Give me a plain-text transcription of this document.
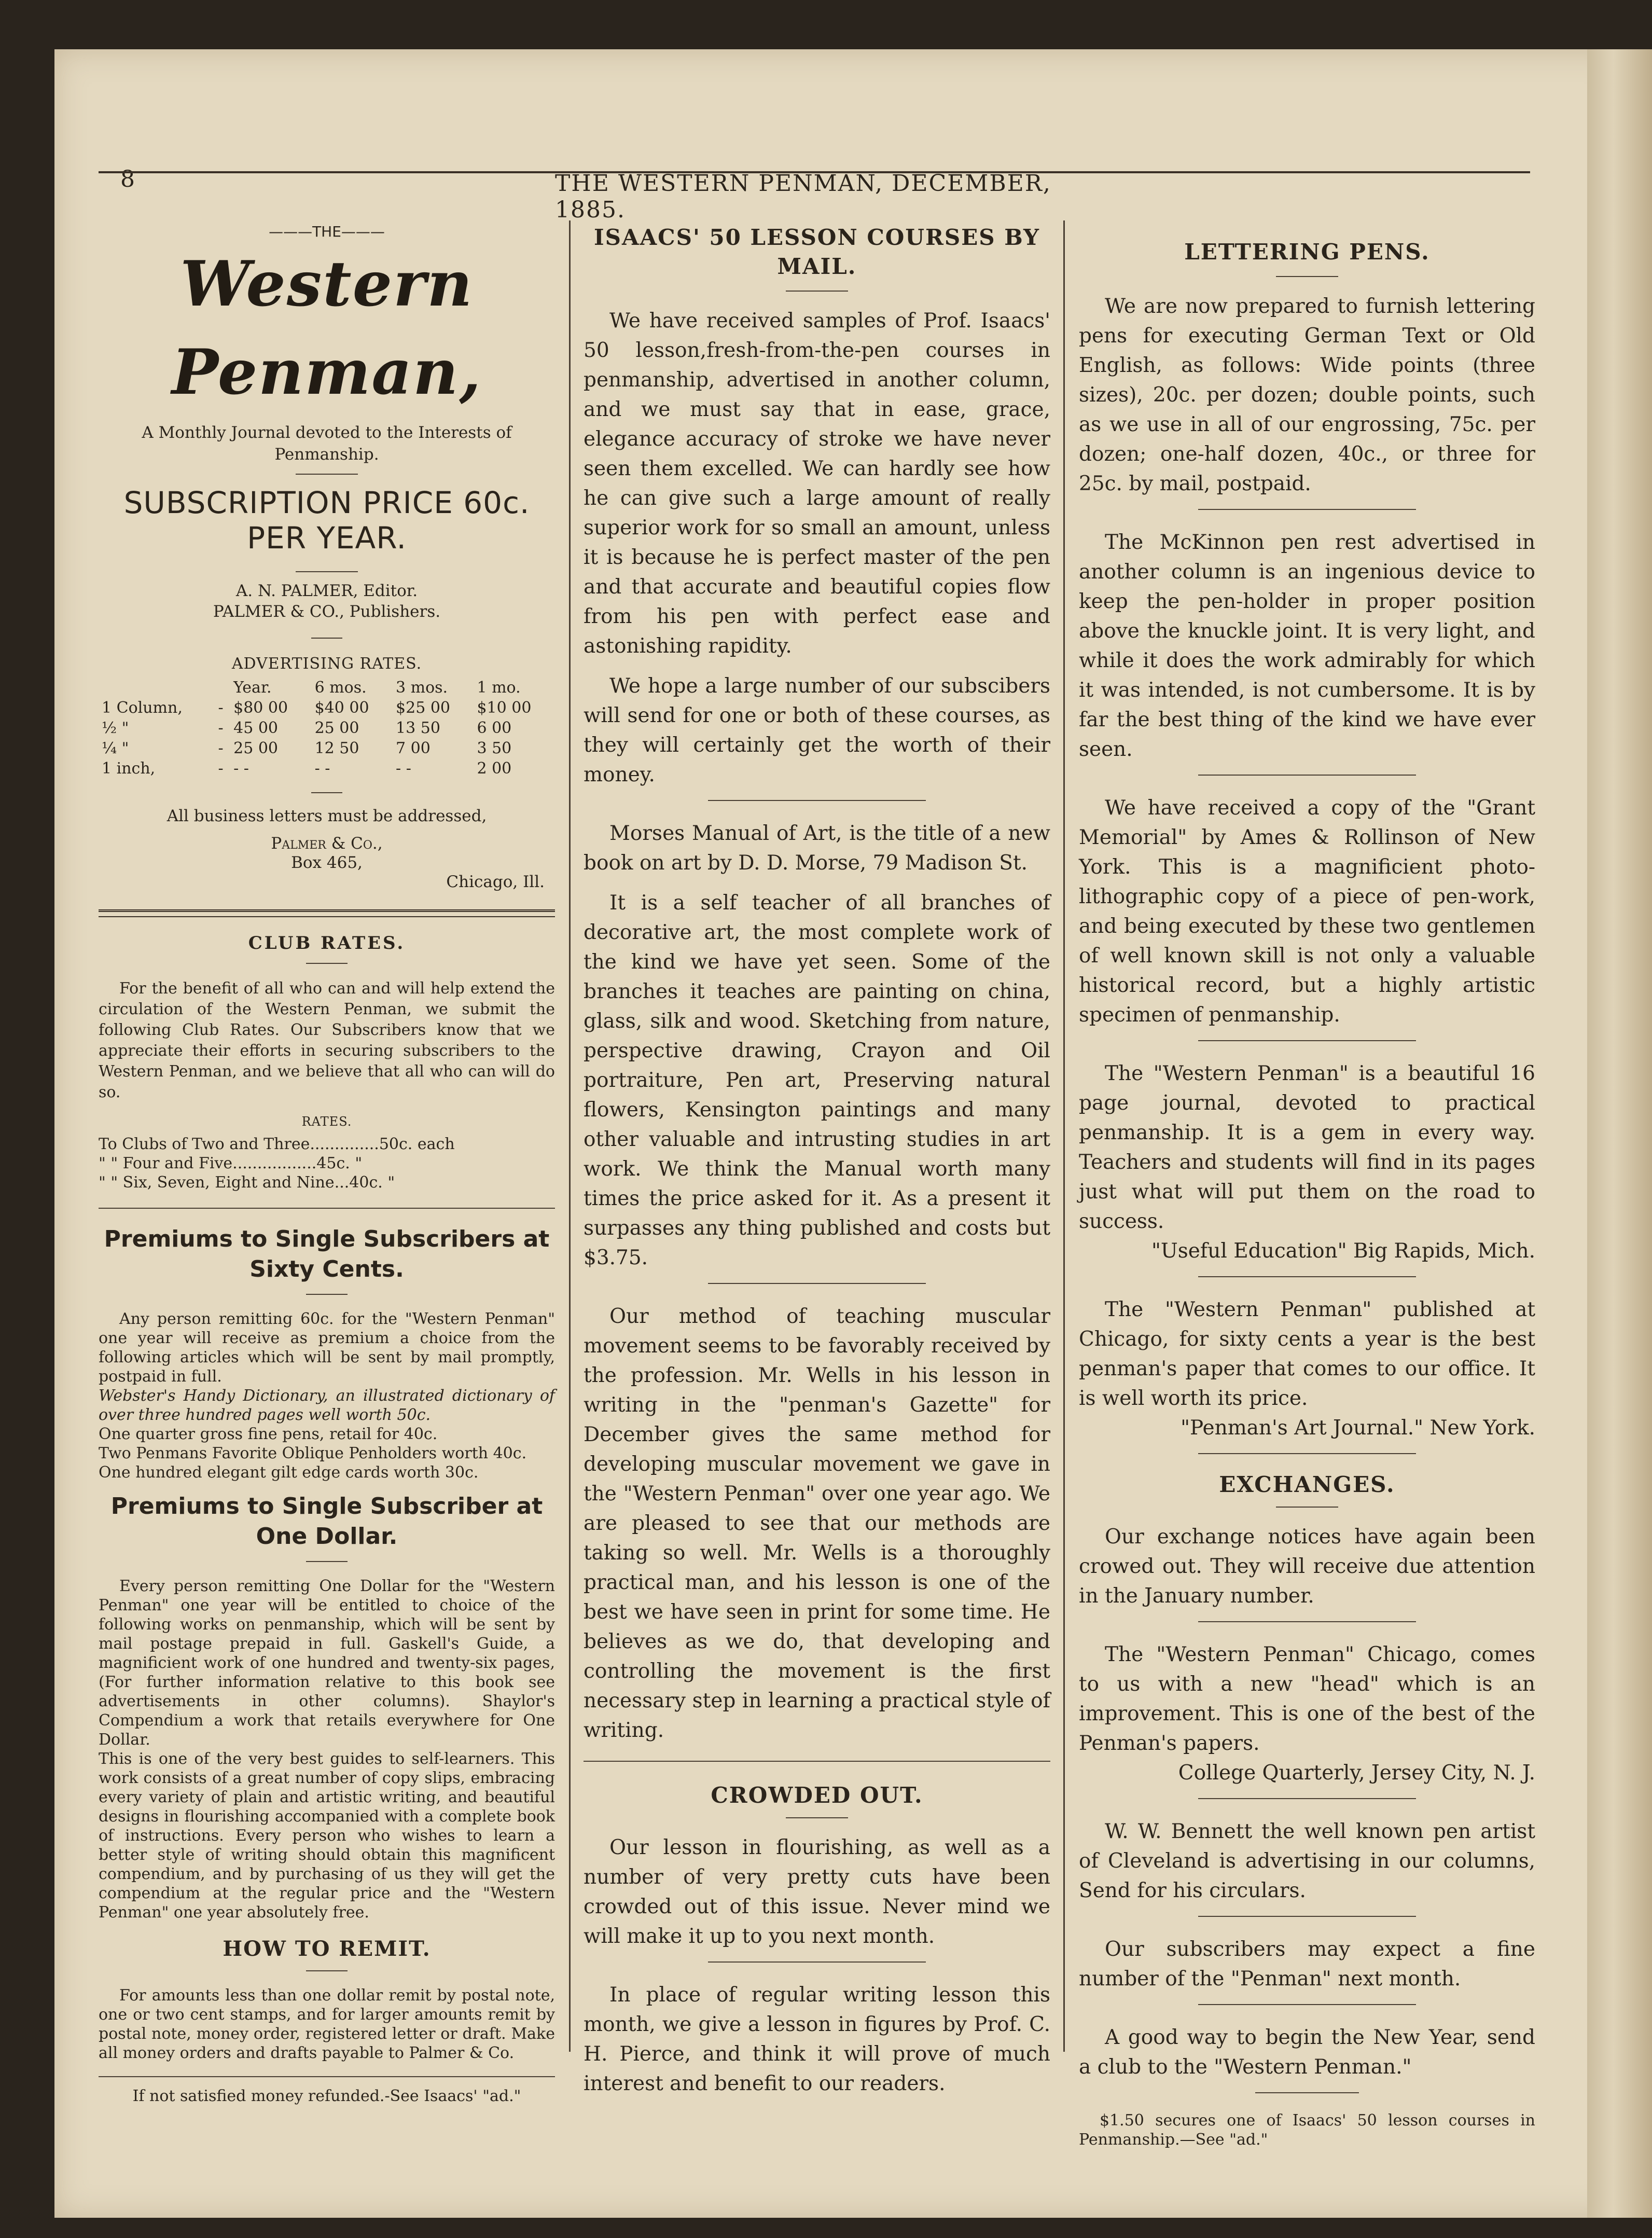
8	THE WESTERN PENMAN, DECEMBER, 1885.

———THE———

Western Penman,

A Monthly Journal devoted to the Interests of Penmanship.

SUBSCRIPTION PRICE 60c. PER YEAR.

A. N. PALMER, Editor.

PALMER & CO., Publishers.

ADVERTISING RATES.

		Year.	6 mos.	3 mos.	1 mo.
1 Column,	-	$80 00	$40 00	$25 00	$10 00
½ "	-	45 00	25 00	13 50	6 00
¼ "	-	25 00	12 50	7 00	3 50
1 inch,	-	- -	- -	- -	2 00

All business letters must be addressed,

Palmer & Co.,

Box 465,

Chicago, Ill.

CLUB RATES.

For the benefit of all who can and will help extend the circulation of the Western Penman, we submit the following Club Rates. Our Subscribers know that we appreciate their efforts in securing subscribers to the Western Penman, and we believe that all who can will do so.

RATES.

To Clubs of Two and Three..............50c. each

" " Four and Five.................45c. "

" " Six, Seven, Eight and Nine...40c. "

Premiums to Single Subscribers at Sixty Cents.

Any person remitting 60c. for the "Western Penman" one year will receive as premium a choice from the following articles which will be sent by mail promptly, postpaid in full.

Webster's Handy Dictionary, an illustrated dictionary of over three hundred pages well worth 50c.

One quarter gross fine pens, retail for 40c.

Two Penmans Favorite Oblique Penholders worth 40c.

One hundred elegant gilt edge cards worth 30c.

Premiums to Single Subscriber at One Dollar.

Every person remitting One Dollar for the "Western Penman" one year will be entitled to choice of the following works on penmanship, which will be sent by mail postage prepaid in full. Gaskell's Guide, a magnificient work of one hundred and twenty-six pages, (For further information relative to this book see advertisements in other columns). Shaylor's Compendium a work that retails everywhere for One Dollar.

This is one of the very best guides to self-learners. This work consists of a great number of copy slips, embracing every variety of plain and artistic writing, and beautiful designs in flourishing accompanied with a complete book of instructions. Every person who wishes to learn a better style of writing should obtain this magnificent compendium, and by purchasing of us they will get the compendium at the regular price and the "Western Penman" one year absolutely free.

HOW TO REMIT.

For amounts less than one dollar remit by postal note, one or two cent stamps, and for larger amounts remit by postal note, money order, registered letter or draft. Make all money orders and drafts payable to Palmer & Co.

If not satisfied money refunded.-See Isaacs' "ad."

ISAACS' 50 LESSON COURSES BY MAIL.

We have received samples of Prof. Isaacs' 50 lesson,fresh-from-the-pen courses in penmanship, advertised in another column, and we must say that in ease, grace, elegance accuracy of stroke we have never seen them excelled. We can hardly see how he can give such a large amount of really superior work for so small an amount, unless it is because he is perfect master of the pen and that accurate and beautiful copies flow from his pen with perfect ease and astonishing rapidity.

We hope a large number of our subscibers will send for one or both of these courses, as they will certainly get the worth of their money.

Morses Manual of Art, is the title of a new book on art by D. D. Morse, 79 Madison St.

It is a self teacher of all branches of decorative art, the most complete work of the kind we have yet seen. Some of the branches it teaches are painting on china, glass, silk and wood. Sketching from nature, perspective drawing, Crayon and Oil portraiture, Pen art, Preserving natural flowers, Kensington paintings and many other valuable and intrusting studies in art work. We think the Manual worth many times the price asked for it. As a present it surpasses any thing published and costs but $3.75.

Our method of teaching muscular movement seems to be favorably received by the profession. Mr. Wells in his lesson in writing in the "penman's Gazette" for December gives the same method for developing muscular movement we gave in the "Western Penman" over one year ago. We are pleased to see that our methods are taking so well. Mr. Wells is a thoroughly practical man, and his lesson is one of the best we have seen in print for some time. He believes as we do, that developing and controlling the movement is the first necessary step in learning a practical style of writing.

CROWDED OUT.

Our lesson in flourishing, as well as a number of very pretty cuts have been crowded out of this issue. Never mind we will make it up to you next month.

In place of regular writing lesson this month, we give a lesson in figures by Prof. C. H. Pierce, and think it will prove of much interest and benefit to our readers.

LETTERING PENS.

We are now prepared to furnish lettering pens for executing German Text or Old English, as follows: Wide points (three sizes), 20c. per dozen; double points, such as we use in all of our engrossing, 75c. per dozen; one-half dozen, 40c., or three for 25c. by mail, postpaid.

The McKinnon pen rest advertised in another column is an ingenious device to keep the pen-holder in proper position above the knuckle joint. It is very light, and while it does the work admirably for which it was intended, is not cumbersome. It is by far the best thing of the kind we have ever seen.

We have received a copy of the "Grant Memorial" by Ames & Rollinson of New York. This is a magnificient photo-lithographic copy of a piece of pen-work, and being executed by these two gentlemen of well known skill is not only a valuable historical record, but a highly artistic specimen of penmanship.

The "Western Penman" is a beautiful 16 page journal, devoted to practical penmanship. It is a gem in every way. Teachers and students will find in its pages just what will put them on the road to success.

"Useful Education" Big Rapids, Mich.

The "Western Penman" published at Chicago, for sixty cents a year is the best penman's paper that comes to our office. It is well worth its price.

"Penman's Art Journal." New York.

EXCHANGES.

Our exchange notices have again been crowed out. They will receive due attention in the January number.

The "Western Penman" Chicago, comes to us with a new "head" which is an improvement. This is one of the best of the Penman's papers.

College Quarterly, Jersey City, N. J.

W. W. Bennett the well known pen artist of Cleveland is advertising in our columns, Send for his circulars.

Our subscribers may expect a fine number of the "Penman" next month.

A good way to begin the New Year, send a club to the "Western Penman."

$1.50 secures one of Isaacs' 50 lesson courses in Penmanship.—See "ad."
